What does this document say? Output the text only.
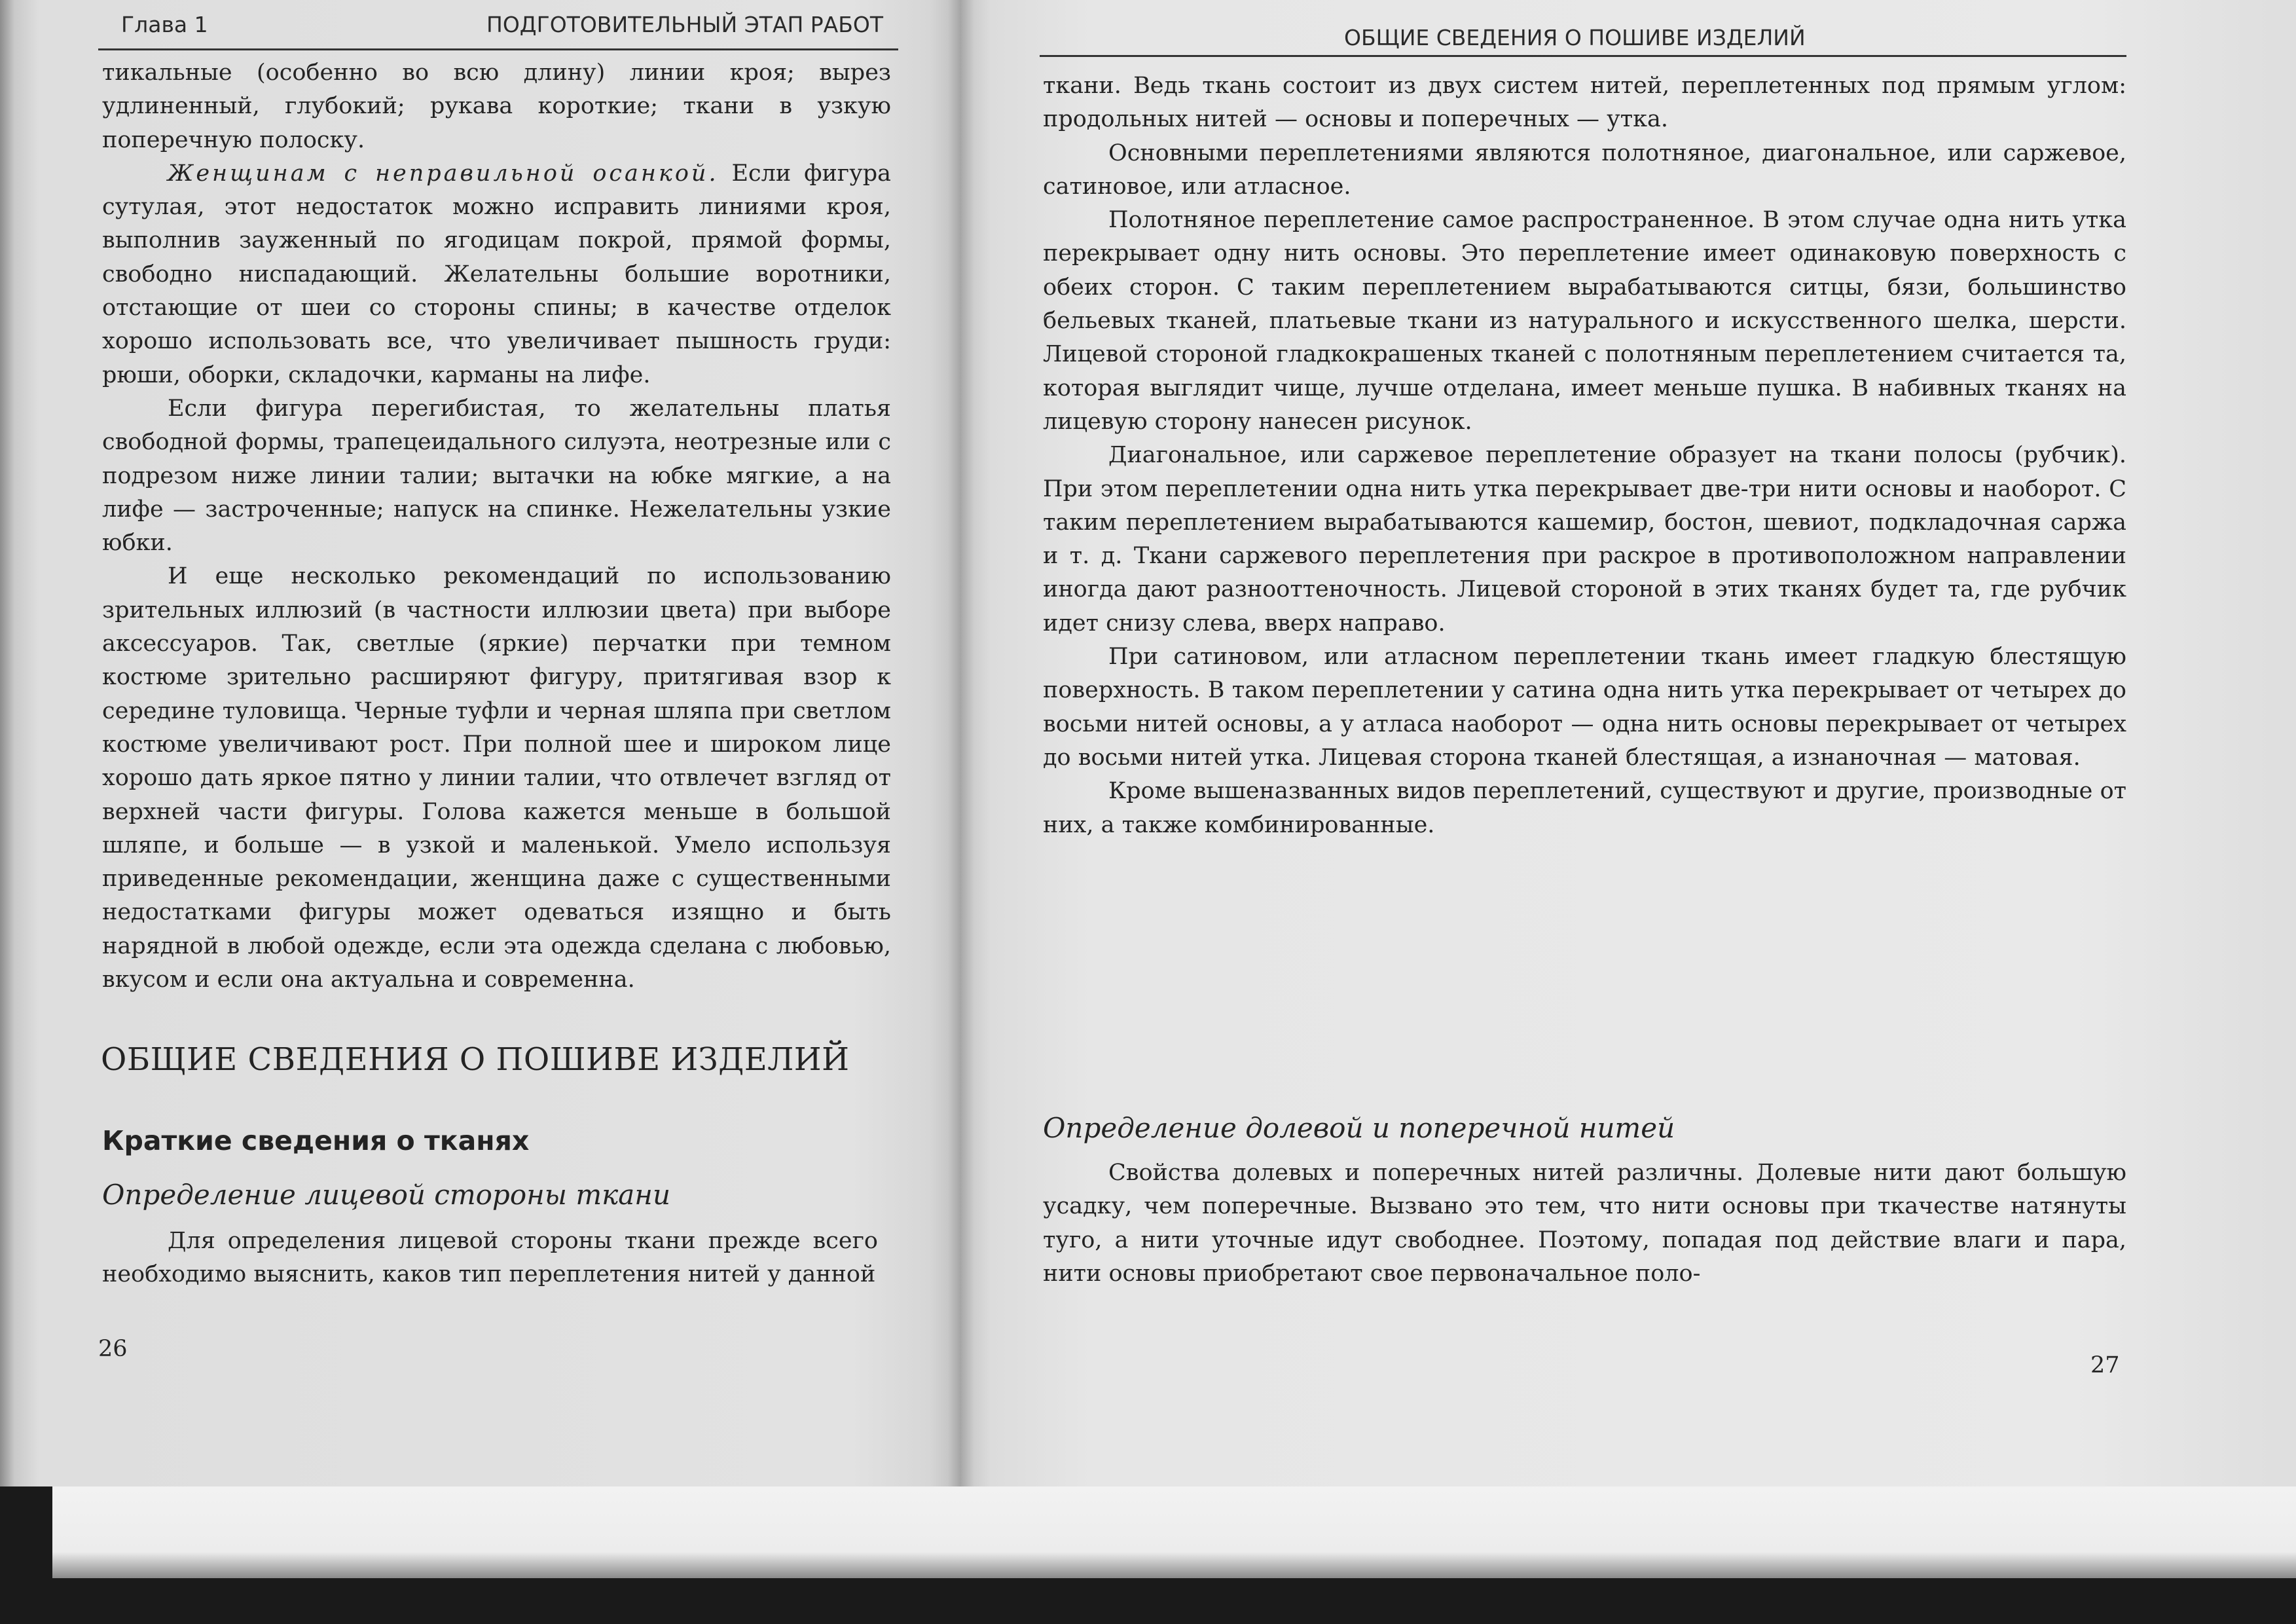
Глава 1	ПОДГОТОВИТЕЛЬНЫЙ ЭТАП РАБОТ

тикальные (особенно во всю длину) линии кроя; вырез удлиненный, глубокий; рукава короткие; ткани в узкую поперечную полоску.

Женщинам с неправильной осанкой. Если фигура сутулая, этот недостаток можно исправить линиями кроя, выполнив зауженный по ягодицам покрой, прямой формы, свободно ниспадающий. Желательны большие воротники, отстающие от шеи со стороны спины; в качестве отделок хорошо использовать все, что увеличивает пышность груди: рюши, оборки, складочки, карманы на лифе.

Если фигура перегибистая, то желательны платья свободной формы, трапецеидального силуэта, неотрезные или с подрезом ниже линии талии; вытачки на юбке мягкие, а на лифе — застроченные; напуск на спинке. Нежелательны узкие юбки.

И еще несколько рекомендаций по использованию зрительных иллюзий (в частности иллюзии цвета) при выборе аксессуаров. Так, светлые (яркие) перчатки при темном костюме зрительно расширяют фигуру, притягивая взор к середине туловища. Черные туфли и черная шляпа при светлом костюме увеличивают рост. При полной шее и широком лице хорошо дать яркое пятно у линии талии, что отвлечет взгляд от верхней части фигуры. Голова кажется меньше в большой шляпе, и больше — в узкой и маленькой. Умело используя приведенные рекомендации, женщина даже с существенными недостатками фигуры может одеваться изящно и быть нарядной в любой одежде, если эта одежда сделана с любовью, вкусом и если она актуальна и современна.

ОБЩИЕ СВЕДЕНИЯ О ПОШИВЕ ИЗДЕЛИЙ
Краткие сведения о тканях
Определение лицевой стороны ткани

Для определения лицевой стороны ткани прежде всего необходимо выяснить, каков тип переплетения нитей у данной

26
ОБЩИЕ СВЕДЕНИЯ О ПОШИВЕ ИЗДЕЛИЙ

ткани. Ведь ткань состоит из двух систем нитей, переплетенных под прямым углом: продольных нитей — основы и поперечных — утка.

Основными переплетениями являются полотняное, диагональное, или саржевое, сатиновое, или атласное.

Полотняное переплетение самое распространенное. В этом случае одна нить утка перекрывает одну нить основы. Это переплетение имеет одинаковую поверхность с обеих сторон. С таким переплетением вырабатываются ситцы, бязи, большинство бельевых тканей, платьевые ткани из натурального и искусственного шелка, шерсти. Лицевой стороной гладкокрашеных тканей с полотняным переплетением считается та, которая выглядит чище, лучше отделана, имеет меньше пушка. В набивных тканях на лицевую сторону нанесен рисунок.

Диагональное, или саржевое переплетение образует на ткани полосы (рубчик). При этом переплетении одна нить утка перекрывает две-три нити основы и наоборот. С таким переплетением вырабатываются кашемир, бостон, шевиот, подкладочная саржа и т. д. Ткани саржевого переплетения при раскрое в противоположном направлении иногда дают разнооттеночность. Лицевой стороной в этих тканях будет та, где рубчик идет снизу слева, вверх направо.

При сатиновом, или атласном переплетении ткань имеет гладкую блестящую поверхность. В таком переплетении у сатина одна нить утка перекрывает от четырех до восьми нитей основы, а у атласа наоборот — одна нить основы перекрывает от четырех до восьми нитей утка. Лицевая сторона тканей блестящая, а изнаночная — матовая.

Кроме вышеназванных видов переплетений, существуют и другие, производные от них, а также комбинированные.

Определение долевой и поперечной нитей

Свойства долевых и поперечных нитей различны. Долевые нити дают большую усадку, чем поперечные. Вызвано это тем, что нити основы при ткачестве натянуты туго, а нити уточные идут свободнее. Поэтому, попадая под действие влаги и пара, нити основы приобретают свое первоначальное поло-

27
